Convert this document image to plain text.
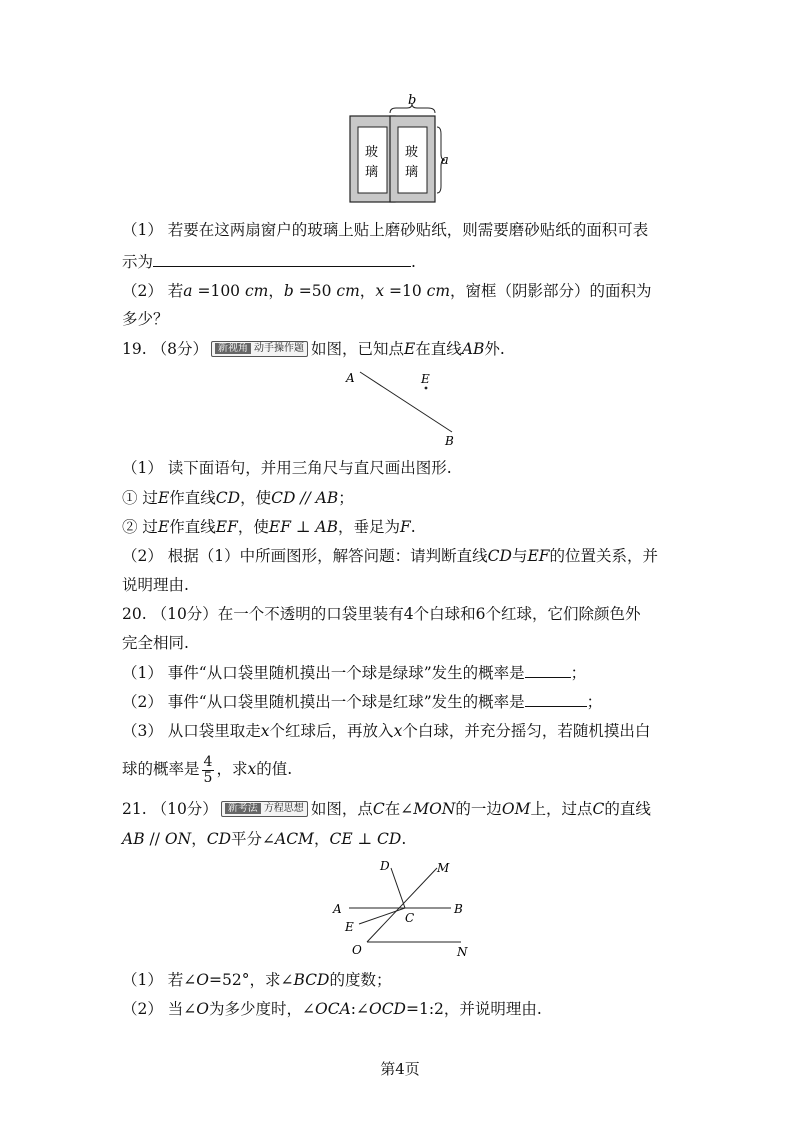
b
a
玻
璃
玻
璃
（1） 若要在这两扇窗户的玻璃上贴上磨砂贴纸，则需要磨砂贴纸的面积可表
示为	.
（2） 若a =100 cm，b =50 cm，x =10 cm，窗框（阴影部分）的面积为
多少？
19. （8分） 新视角 动手操作题 如图，已知点E在直线AB外.
A	E
B
（1） 读下面语句，并用三角尺与直尺画出图形.
① 过E作直线CD，使CD // AB；
② 过E作直线EF，使EF ⊥ AB，垂足为F.
（2） 根据（1）中所画图形，解答问题：请判断直线CD与EF的位置关系，并
说明理由.
20. （10分）在一个不透明的口袋里装有4个白球和6个红球，它们除颜色外
完全相同.
（1） 事件“从口袋里随机摸出一个球是绿球”发生的概率是	；
（2） 事件“从口袋里随机摸出一个球是红球”发生的概率是	；
（3） 从口袋里取走x个红球后，再放入x个白球，并充分摇匀，若随机摸出白
球的概率是 $\frac{4}{5}$ ，求x的值.
21. （10分） 新考法 方程思想 如图，点C在∠MON的一边OM上，过点C的直线
AB // ON，CD平分∠ACM，CE ⊥ CD.
D	M
A
C
B
E
O	N
（1） 若∠O=52°，求∠BCD的度数；
（2） 当∠O为多少度时，∠OCA:∠OCD=1:2，并说明理由.
第4页
